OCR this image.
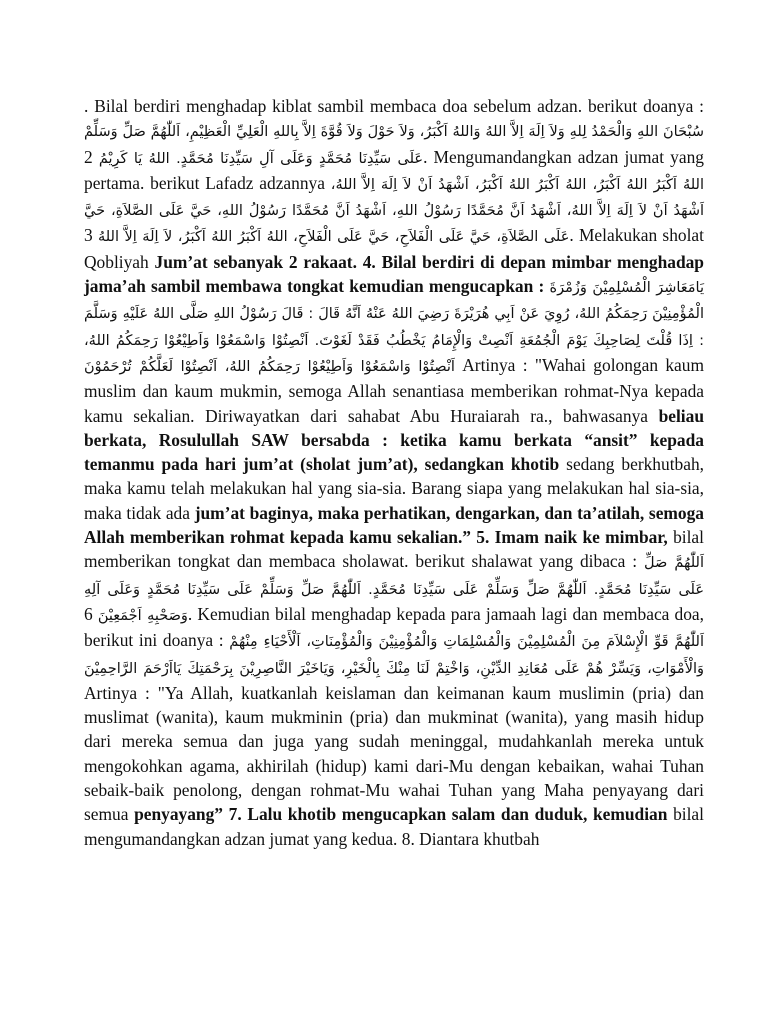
. Bilal berdiri menghadap kiblat sambil membaca doa sebelum adzan. berikut doanya : سُبْحَانَ اللهِ وَالْحَمْدُ لِلهِ وَلاَ اِلَهَ اِلاَّ اللهُ وَاللهُ اَكْبَرُ، وَلاَ حَوْلَ وَلاَ قُوَّةَ اِلاَّ بِاللهِ الْعَلِيِّ الْعَظِيْمِ، اَللّٰهُمَّ صَلِّ وَسَلِّمْ عَلَى سَيِّدِنَا مُحَمَّدٍ وَعَلَى آلِ سَيِّدِنَا مُحَمَّدٍ. اللهُ يَا كَرِيْمُ 2. Mengumandangkan adzan jumat yang pertama. berikut Lafadz adzannya اللهُ اَكْبَرُ اللهُ اَكْبَرُ، اللهُ اَكْبَرُ اللهُ اَكْبَرُ، اَشْهَدُ اَنْ لاَ اِلَهَ اِلاَّ اللهُ، اَشْهَدُ اَنْ لاَ اِلَهَ اِلاَّ اللهُ، اَشْهَدُ اَنَّ مُحَمَّدًا رَسُوْلُ اللهِ، اَشْهَدُ اَنَّ مُحَمَّدًا رَسُوْلُ اللهِ، حَيَّ عَلَى الصَّلاَةِ، حَيَّ عَلَى الصَّلاَةِ، حَيَّ عَلَى الْفَلاَحِ، حَيَّ عَلَى الْفَلاَحِ، اللهُ اَكْبَرُ اللهُ اَكْبَرُ، لاَ اِلَهَ اِلاَّ اللهُ 3. Melakukan sholat Qobliyah Jum’at sebanyak 2 rakaat. 4. Bilal berdiri di depan mimbar menghadap jama’ah sambil membawa tongkat kemudian mengucapkan : يَامَعَاشِرَ الْمُسْلِمِيْنَ وَزُمْرَةَ الْمُؤْمِنِيْنَ رَحِمَكُمُ اللهُ، رُوِيَ عَنْ اَبِي هُرَيْرَةَ رَضِيَ اللهُ عَنْهُ اَنَّهُ قَالَ : قَالَ رَسُوْلُ اللهِ صَلَّى اللهُ عَلَيْهِ وَسَلَّمَ : اِذَا قُلْتَ لِصَاحِبِكَ يَوْمَ الْجُمُعَةِ اَنْصِتْ وَالْإِمَامُ يَخْطُبُ فَقَدْ لَغَوْتَ. اَنْصِتُوْا وَاسْمَعُوْا وَاَطِيْعُوْا رَحِمَكُمُ اللهُ، اَنْصِتُوْا وَاسْمَعُوْا وَاَطِيْعُوْا رَحِمَكُمُ اللهُ، اَنْصِتُوْا لَعَلَّكُمْ تُرْحَمُوْنَ Artinya : "Wahai golongan kaum muslim dan kaum mukmin, semoga Allah senantiasa memberikan rohmat-Nya kepada kamu sekalian. Diriwayatkan dari sahabat Abu Huraiarah ra., bahwasanya beliau berkata, Rosulullah SAW bersabda : ketika kamu berkata “ansit” kepada temanmu pada hari jum’at (sholat jum’at), sedangkan khotib sedang berkhutbah, maka kamu telah melakukan hal yang sia-sia. Barang siapa yang melakukan hal sia-sia, maka tidak ada jum’at baginya, maka perhatikan, dengarkan, dan ta’atilah, semoga Allah memberikan rohmat kepada kamu sekalian.” 5. Imam naik ke mimbar, bilal memberikan tongkat dan membaca sholawat. berikut shalawat yang dibaca : اَللّٰهُمَّ صَلِّ عَلَى سَيِّدِنَا مُحَمَّدٍ. اَللّٰهُمَّ صَلِّ وَسَلِّمْ عَلَى سَيِّدِنَا مُحَمَّدٍ. اَللّٰهُمَّ صَلِّ وَسَلِّمْ عَلَى سَيِّدِنَا مُحَمَّدٍ وَعَلَى آلِهِ وَصَحْبِهِ اَجْمَعِيْنَ 6. Kemudian bilal menghadap kepada para jamaah lagi dan membaca doa, berikut ini doanya : اَللّٰهُمَّ قَوِّ الْإِسْلاَمَ مِنَ الْمُسْلِمِيْنَ وَالْمُسْلِمَاتِ وَالْمُؤْمِنِيْنَ وَالْمُؤْمِنَاتِ، اَلْأَحْيَاءِ مِنْهُمْ وَالْأَمْوَاتِ، وَيَسِّرْ هُمْ عَلَى مُعَانِدِ الدِّيْنِ، وَاخْتِمْ لَنَا مِنْكَ بِالْخَيْرِ، وَيَاخَيْرَ النَّاصِرِيْنَ بِرَحْمَتِكَ يَااَرْحَمَ الرَّاحِمِيْنَ Artinya : "Ya Allah, kuatkanlah keislaman dan keimanan kaum muslimin (pria) dan muslimat (wanita), kaum mukminin (pria) dan mukminat (wanita), yang masih hidup dari mereka semua dan juga yang sudah meninggal, mudahkanlah mereka untuk mengokohkan agama, akhirilah (hidup) kami dari-Mu dengan kebaikan, wahai Tuhan sebaik-baik penolong, dengan rohmat-Mu wahai Tuhan yang Maha penyayang dari semua penyayang” 7. Lalu khotib mengucapkan salam dan duduk, kemudian bilal mengumandangkan adzan jumat yang kedua. 8. Diantara khutbah
